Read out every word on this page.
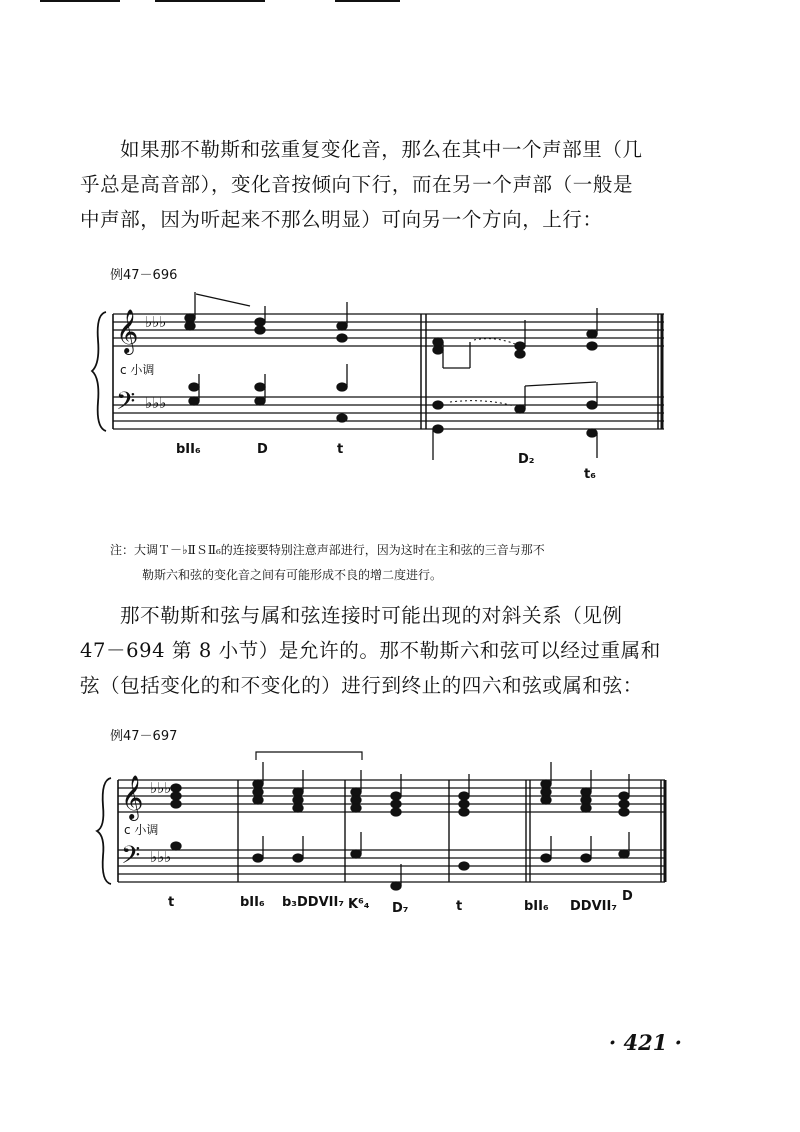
如果那不勒斯和弦重复变化音，那么在其中一个声部里（几
乎总是高音部），变化音按倾向下行，而在另一个声部（一般是
中声部，因为听起来不那么明显）可向另一个方向，上行：

例47－696
𝄞
𝄢
♭♭♭
♭♭♭
c 小调
bII₆	D	t
D₂
t₆

注：大调Ｔ－♭ⅡＳⅡ₆的连接要特别注意声部进行，因为这时在主和弦的三音与那不
勒斯六和弦的变化音之间有可能形成不良的增二度进行。

那不勒斯和弦与属和弦连接时可能出现的对斜关系（见例
47－694 第 8 小节）是允许的。那不勒斯六和弦可以经过重属和
弦（包括变化的和不变化的）进行到终止的四六和弦或属和弦：

例47－697
𝄞
𝄢
♭♭♭
♭♭♭
c 小调
t	bII₆ b₃DDVII₇ K⁶₄ D₇	t	bII₆ DDVII₇
D
· 421 ·
